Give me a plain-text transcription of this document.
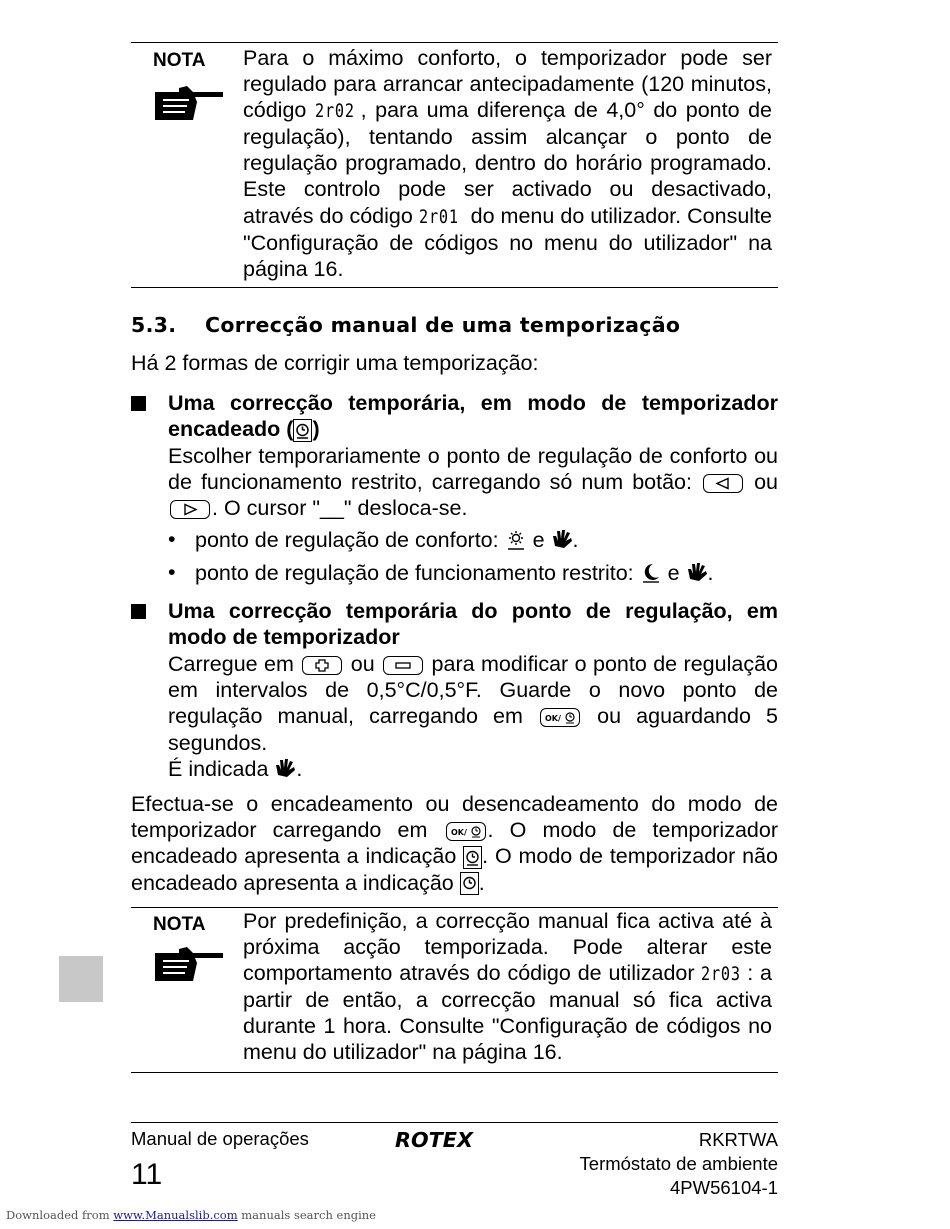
NOTA Para o máximo conforto, o temporizador pode ser regulado para arrancar antecipadamente (120 minutos, código 2r02 , para uma diferença de 4,0° do ponto de regulação), tentando assim alcançar o ponto de regulação programado, dentro do horário programado. Este controlo pode ser activado ou desactivado, através do código 2r01 do menu do utilizador. Consulte "Configuração de códigos no menu do utilizador" na página 16.
5.3. Correcção manual de uma temporização
Há 2 formas de corrigir uma temporização:
Uma correcção temporária, em modo de temporizador encadeado ( )
Escolher temporariamente o ponto de regulação de conforto ou de funcionamento restrito, carregando só num botão:
ou
. O cursor "__" desloca-se.
• ponto de regulação de conforto:  e .
• ponto de regulação de funcionamento restrito:  e .
Uma correcção temporária do ponto de regulação, em modo de temporizador
Carregue em
ou
para modificar o ponto de regulação em intervalos de 0,5°C/0,5°F. Guarde o novo ponto de regulação manual, carregando em OK/ ou aguardando 5 segundos.
É indicada .
Efectua-se o encadeamento ou desencadeamento do modo de temporizador carregando em OK/ . O modo de temporizador encadeado apresenta a indicação . O modo de temporizador não encadeado apresenta a indicação .
NOTA Por predefinição, a correcção manual fica activa até à próxima acção temporizada. Pode alterar este comportamento através do código de utilizador 2r03 : a partir de então, a correcção manual só fica activa durante 1 hora. Consulte "Configuração de códigos no menu do utilizador" na página 16.
Manual de operações
11
ROTEX	RKRTWA
Termóstato de ambiente
4PW56104-1
Downloaded from www.Manualslib.com manuals search engine
